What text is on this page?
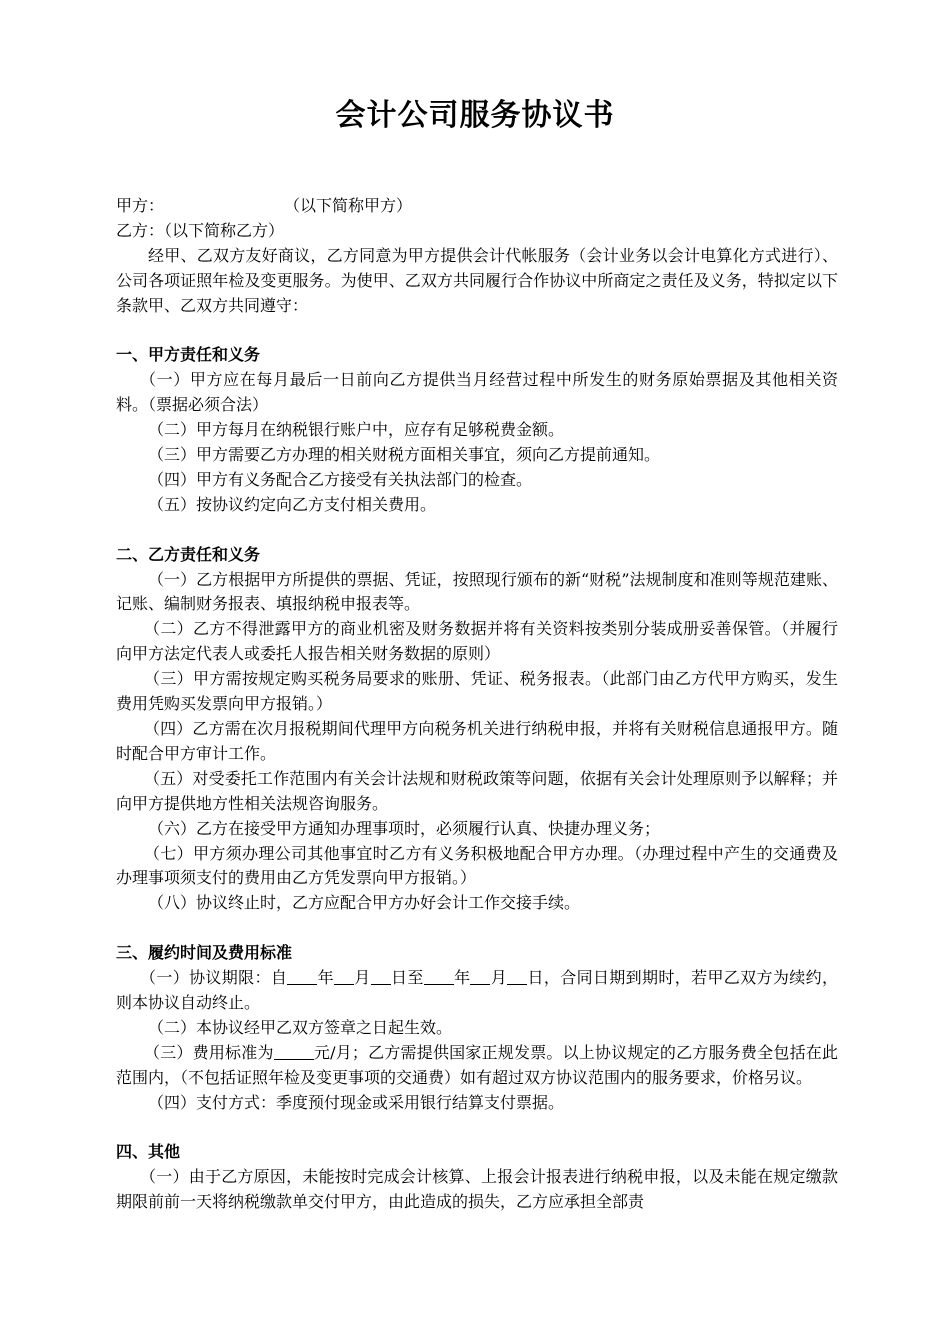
会计公司服务协议书

甲方：	（以下简称甲方）

乙方：（以下简称乙方）

经甲、乙双方友好商议，乙方同意为甲方提供会计代帐服务（会计业务以会计电算化方式进行）、公司各项证照年检及变更服务。为使甲、乙双方共同履行合作协议中所商定之责任及义务，特拟定以下条款甲、乙双方共同遵守：

一、甲方责任和义务

（一）甲方应在每月最后一日前向乙方提供当月经营过程中所发生的财务原始票据及其他相关资料。（票据必须合法）

（二）甲方每月在纳税银行账户中，应存有足够税费金额。

（三）甲方需要乙方办理的相关财税方面相关事宜，须向乙方提前通知。

（四）甲方有义务配合乙方接受有关执法部门的检查。

（五）按协议约定向乙方支付相关费用。

二、乙方责任和义务

（一）乙方根据甲方所提供的票据、凭证，按照现行颁布的新“财税”法规制度和准则等规范建账、记账、编制财务报表、填报纳税申报表等。

（二）乙方不得泄露甲方的商业机密及财务数据并将有关资料按类别分装成册妥善保管。（并履行向甲方法定代表人或委托人报告相关财务数据的原则）

（三）甲方需按规定购买税务局要求的账册、凭证、税务报表。（此部门由乙方代甲方购买，发生费用凭购买发票向甲方报销。）

（四）乙方需在次月报税期间代理甲方向税务机关进行纳税申报，并将有关财税信息通报甲方。随时配合甲方审计工作。

（五）对受委托工作范围内有关会计法规和财税政策等问题，依据有关会计处理原则予以解释；并向甲方提供地方性相关法规咨询服务。

（六）乙方在接受甲方通知办理事项时，必须履行认真、快捷办理义务；

（七）甲方须办理公司其他事宜时乙方有义务积极地配合甲方办理。（办理过程中产生的交通费及办理事项须支付的费用由乙方凭发票向甲方报销。）

（八）协议终止时，乙方应配合甲方办好会计工作交接手续。

三、履约时间及费用标准

（一）协议期限：自 年 月 日至 年 月 日，合同日期到期时，若甲乙双方为续约，则本协议自动终止。

（二）本协议经甲乙双方签章之日起生效。

（三）费用标准为	元/月；乙方需提供国家正规发票。以上协议规定的乙方服务费全包括在此范围内，（不包括证照年检及变更事项的交通费）如有超过双方协议范围内的服务要求，价格另议。

（四）支付方式：季度预付现金或采用银行结算支付票据。

四、其他

（一）由于乙方原因，未能按时完成会计核算、上报会计报表进行纳税申报，以及未能在规定缴款期限前前一天将纳税缴款单交付甲方，由此造成的损失，乙方应承担全部责
